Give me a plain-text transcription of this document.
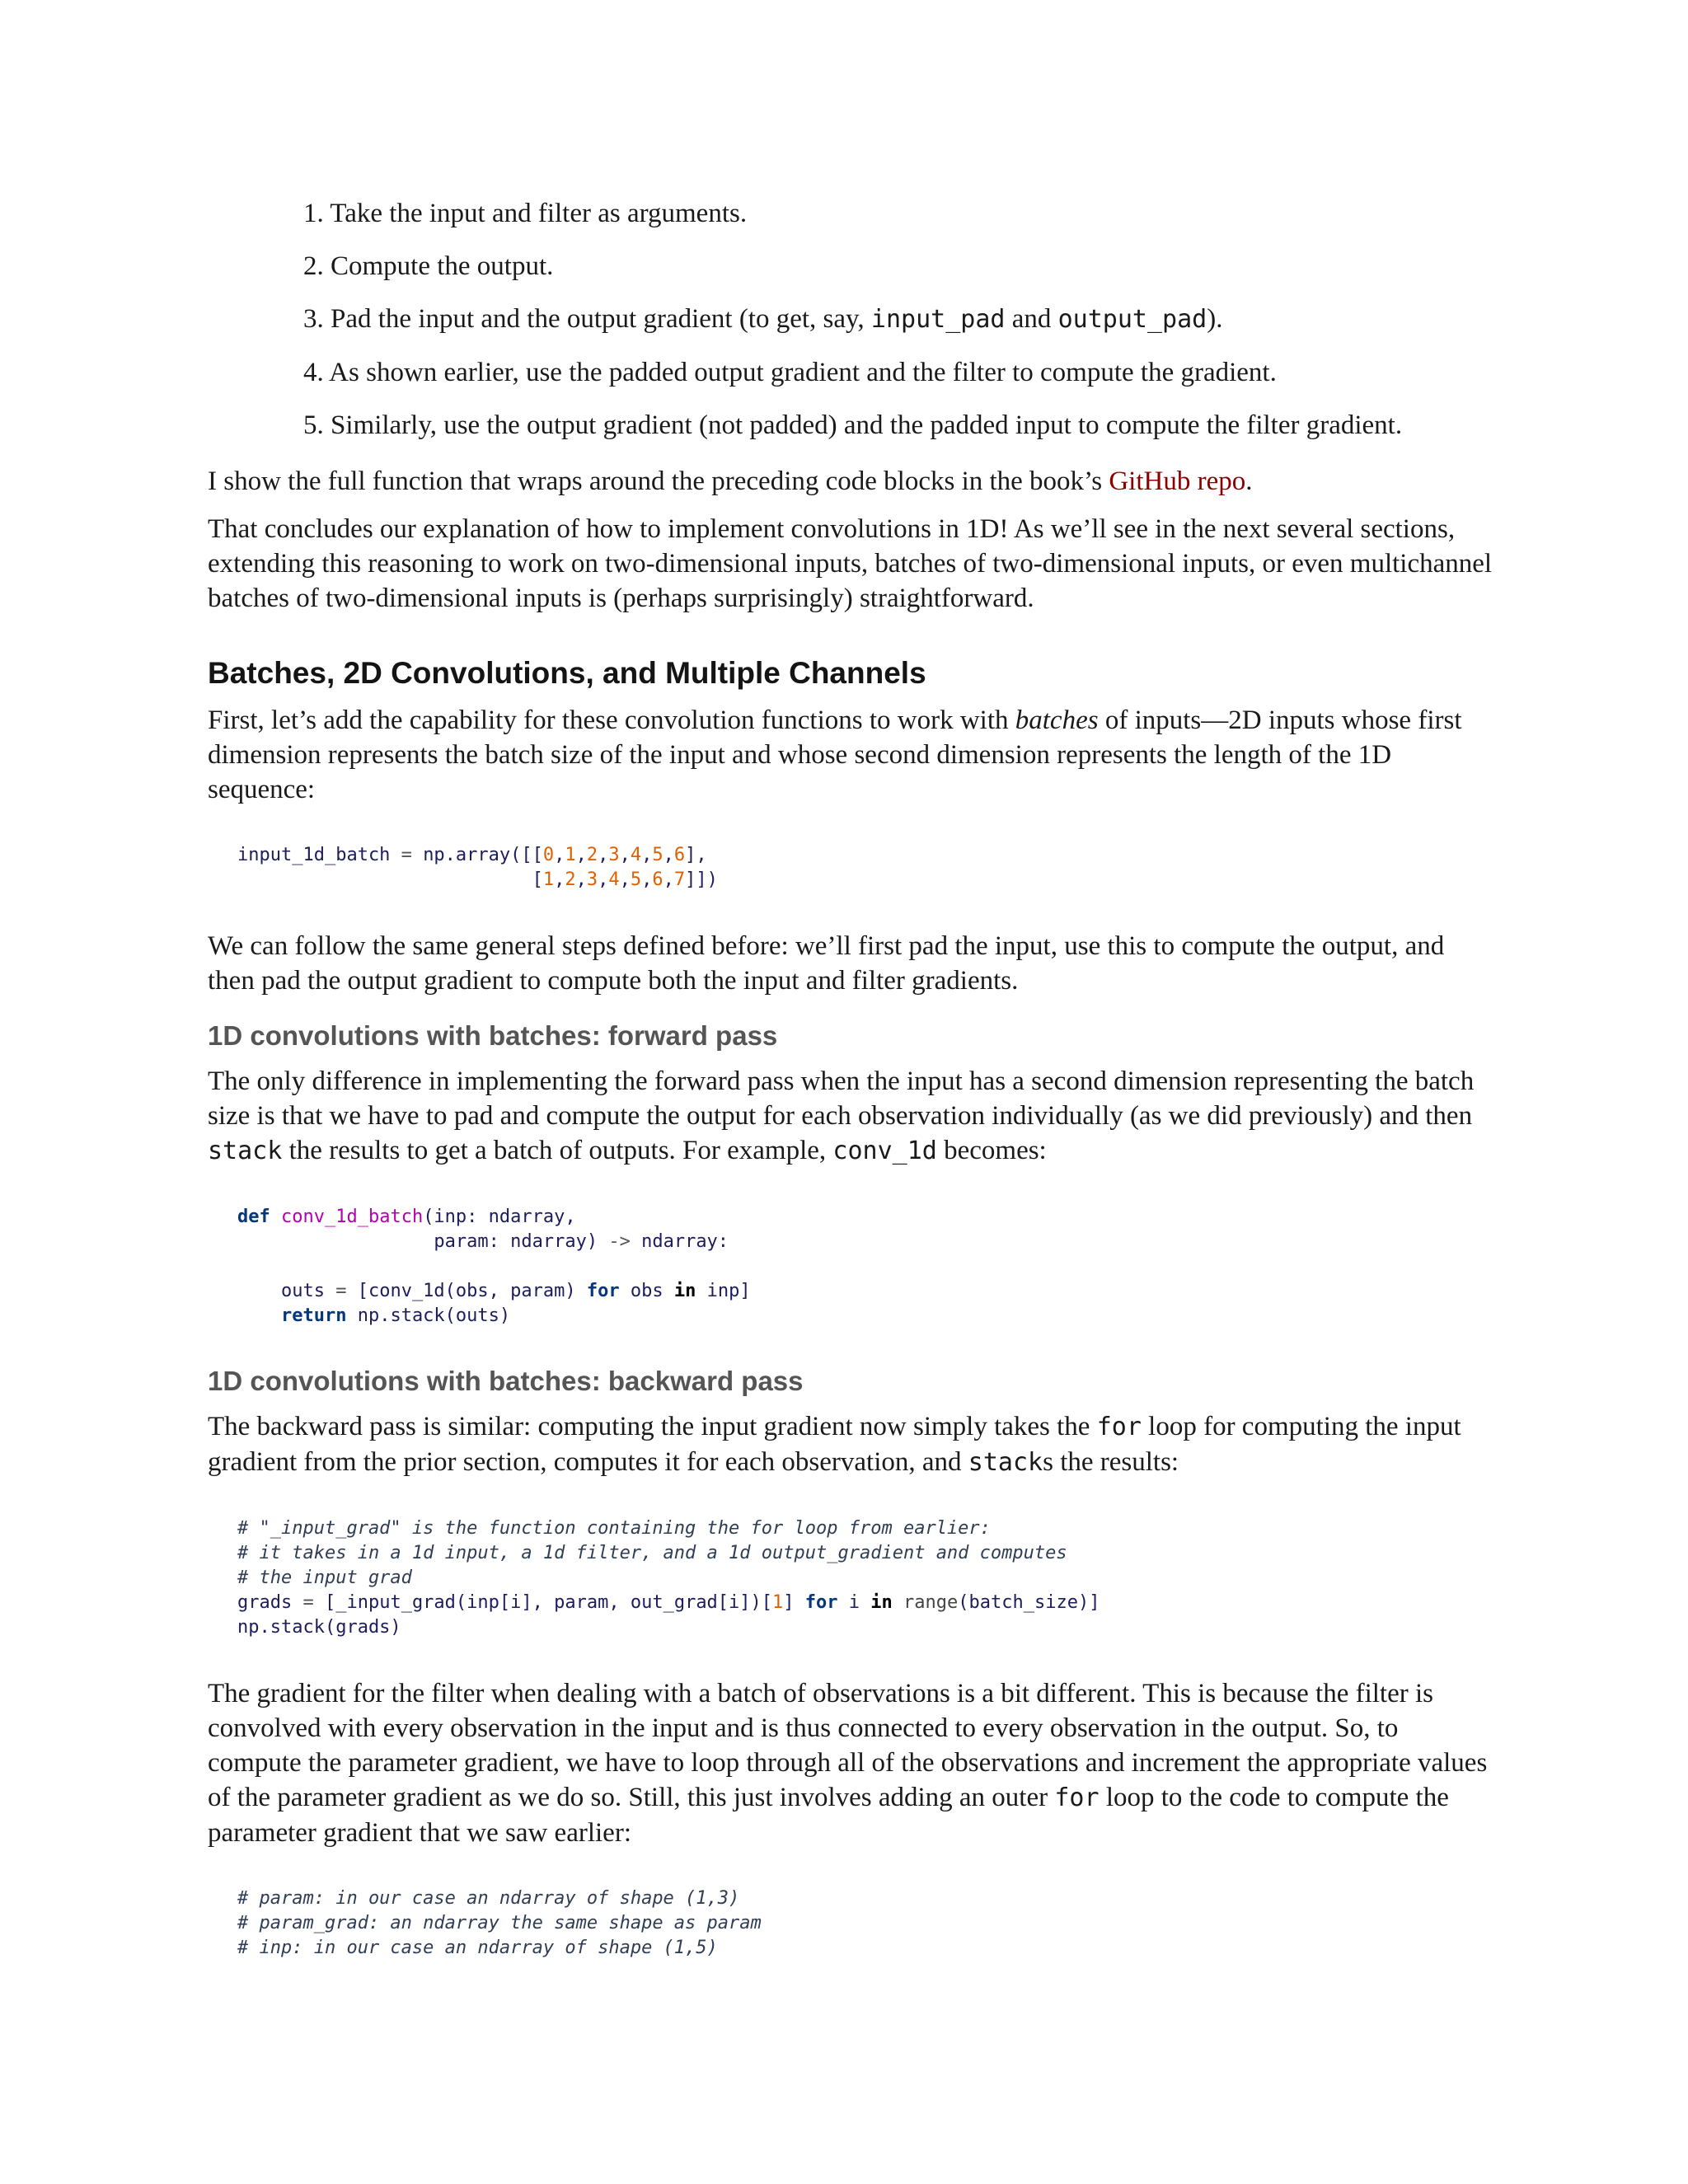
1. Take the input and filter as arguments.
2. Compute the output.
3. Pad the input and the output gradient (to get, say, input_pad and output_pad).
4. As shown earlier, use the padded output gradient and the filter to compute the gradient.
5. Similarly, use the output gradient (not padded) and the padded input to compute the filter gradient.

I show the full function that wraps around the preceding code blocks in the book’s GitHub repo.

That concludes our explanation of how to implement convolutions in 1D! As we’ll see in the next several sections, extending this reasoning to work on two-dimensional inputs, batches of two-dimensional inputs, or even multichannel batches of two-dimensional inputs is (perhaps surprisingly) straightforward.

Batches, 2D Convolutions, and Multiple Channels

First, let’s add the capability for these convolution functions to work with batches of inputs—2D inputs whose first dimension represents the batch size of the input and whose second dimension represents the length of the 1D sequence:

input_1d_batch = np.array([[0,1,2,3,4,5,6],
[1,2,3,4,5,6,7]])

We can follow the same general steps defined before: we’ll first pad the input, use this to compute the output, and then pad the output gradient to compute both the input and filter gradients.

1D convolutions with batches: forward pass

The only difference in implementing the forward pass when the input has a second dimension representing the batch size is that we have to pad and compute the output for each observation individually (as we did previously) and then stack the results to get a batch of outputs. For example, conv_1d becomes:

def conv_1d_batch(inp: ndarray,
param: ndarray) -> ndarray:

outs = [conv_1d(obs, param) for obs in inp]
return np.stack(outs)
1D convolutions with batches: backward pass

The backward pass is similar: computing the input gradient now simply takes the for loop for computing the input gradient from the prior section, computes it for each observation, and stacks the results:

# "_input_grad" is the function containing the for loop from earlier:
# it takes in a 1d input, a 1d filter, and a 1d output_gradient and computes
# the input grad
grads = [_input_grad(inp[i], param, out_grad[i])[1] for i in range(batch_size)]
np.stack(grads)

The gradient for the filter when dealing with a batch of observations is a bit different. This is because the filter is convolved with every observation in the input and is thus connected to every observation in the output. So, to compute the parameter gradient, we have to loop through all of the observations and increment the appropriate values of the parameter gradient as we do so. Still, this just involves adding an outer for loop to the code to compute the parameter gradient that we saw earlier:

# param: in our case an ndarray of shape (1,3)
# param_grad: an ndarray the same shape as param
# inp: in our case an ndarray of shape (1,5)
